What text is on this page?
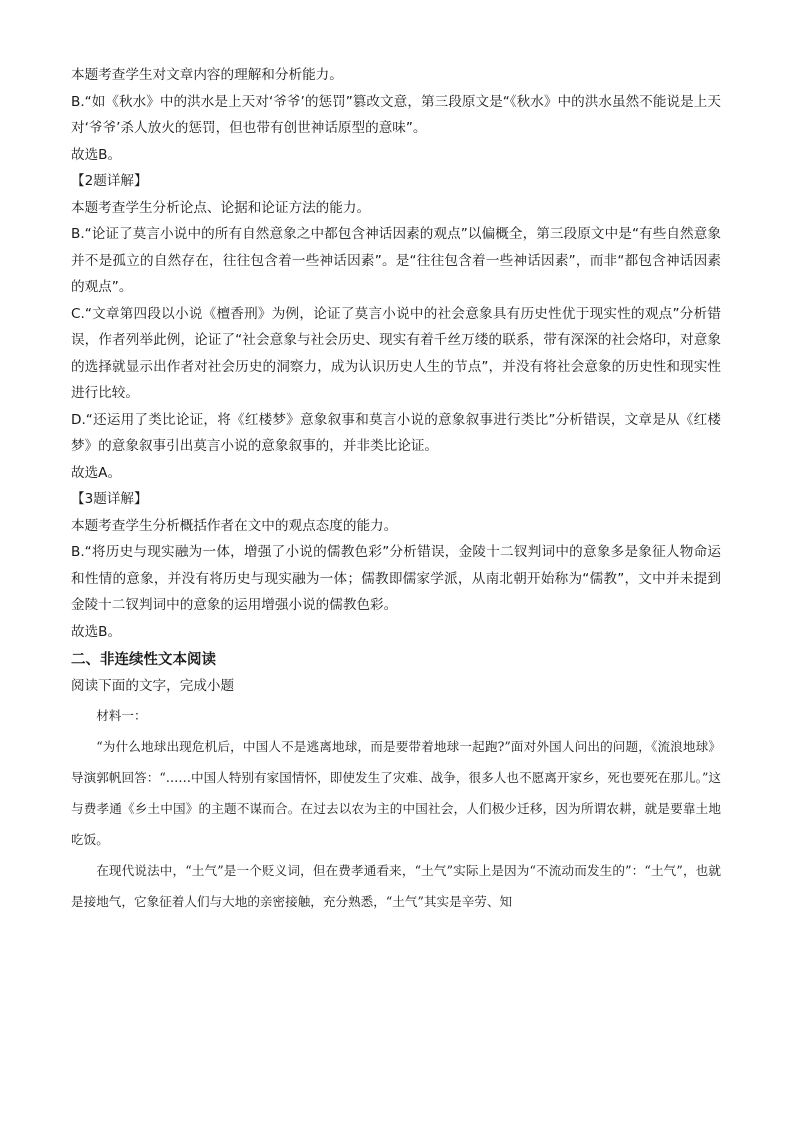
本题考查学生对文章内容的理解和分析能力。

B.“如《秋水》中的洪水是上天对‘爷爷’的惩罚”篡改文意，第三段原文是“《秋水》中的洪水虽然不能说是上天对‘爷爷’杀人放火的惩罚，但也带有创世神话原型的意味”。

故选B。

【2题详解】

本题考查学生分析论点、论据和论证方法的能力。

B.“论证了莫言小说中的所有自然意象之中都包含神话因素的观点”以偏概全，第三段原文中是“有些自然意象并不是孤立的自然存在，往往包含着一些神话因素”。是“往往包含着一些神话因素”，而非“都包含神话因素的观点”。

C.“文章第四段以小说《檀香刑》为例，论证了莫言小说中的社会意象具有历史性优于现实性的观点”分析错误，作者列举此例，论证了“社会意象与社会历史、现实有着千丝万缕的联系，带有深深的社会烙印，对意象的选择就显示出作者对社会历史的洞察力，成为认识历史人生的节点”，并没有将社会意象的历史性和现实性进行比较。

D.“还运用了类比论证，将《红楼梦》意象叙事和莫言小说的意象叙事进行类比”分析错误，文章是从《红楼梦》的意象叙事引出莫言小说的意象叙事的，并非类比论证。

故选A。

【3题详解】

本题考查学生分析概括作者在文中的观点态度的能力。

B.“将历史与现实融为一体，增强了小说的儒教色彩”分析错误，金陵十二钗判词中的意象多是象征人物命运和性情的意象，并没有将历史与现实融为一体；儒教即儒家学派，从南北朝开始称为“儒教”，文中并未提到金陵十二钗判词中的意象的运用增强小说的儒教色彩。

故选B。

二、非连续性文本阅读

阅读下面的文字，完成小题

材料一：

“为什么地球出现危机后，中国人不是逃离地球，而是要带着地球一起跑?”面对外国人问出的问题，《流浪地球》导演郭帆回答：“……中国人特别有家国情怀，即使发生了灾难、战争，很多人也不愿离开家乡，死也要死在那儿。”这与费孝通《乡土中国》的主题不谋而合。在过去以农为主的中国社会，人们极少迁移，因为所谓农耕，就是要靠土地吃饭。

在现代说法中，“土气”是一个贬义词，但在费孝通看来，“土气”实际上是因为“不流动而发生的”：“土气”，也就是接地气，它象征着人们与大地的亲密接触，充分熟悉，“土气”其实是辛劳、知
